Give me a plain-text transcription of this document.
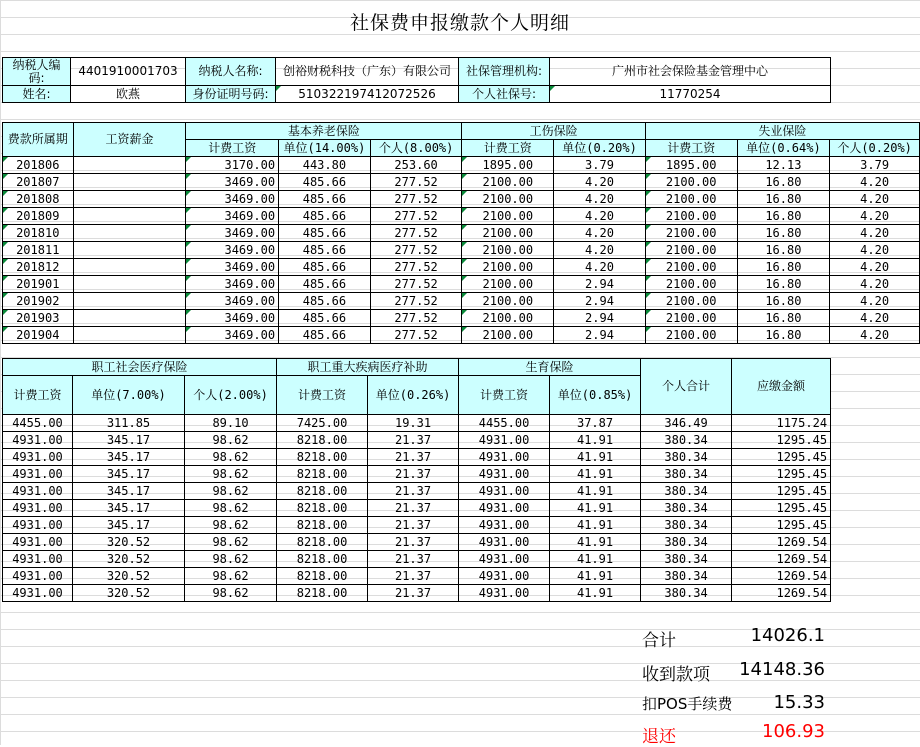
社保费申报缴款个人明细
纳税人编码:	4401910001703	纳税人名称:	创裕财税科技（广东）有限公司	社保管理机构:	广州市社会保险基金管理中心
姓名:	欧燕	身份证明号码:	510322197412072526	个人社保号:	11770254
费款所属期	工资薪金	基本养老保险			工伤保险		失业保险		
		计费工资	单位(14.00%)	个人(8.00%)	计费工资	单位(0.20%)	计费工资	单位(0.64%)	个人(0.20%)
201806		3170.00	443.80	253.60	1895.00	3.79	1895.00	12.13	3.79
201807		3469.00	485.66	277.52	2100.00	4.20	2100.00	16.80	4.20
201808		3469.00	485.66	277.52	2100.00	4.20	2100.00	16.80	4.20
201809		3469.00	485.66	277.52	2100.00	4.20	2100.00	16.80	4.20
201810		3469.00	485.66	277.52	2100.00	4.20	2100.00	16.80	4.20
201811		3469.00	485.66	277.52	2100.00	4.20	2100.00	16.80	4.20
201812		3469.00	485.66	277.52	2100.00	4.20	2100.00	16.80	4.20
201901		3469.00	485.66	277.52	2100.00	2.94	2100.00	16.80	4.20
201902		3469.00	485.66	277.52	2100.00	2.94	2100.00	16.80	4.20
201903		3469.00	485.66	277.52	2100.00	2.94	2100.00	16.80	4.20
201904		3469.00	485.66	277.52	2100.00	2.94	2100.00	16.80	4.20
职工社会医疗保险			职工重大疾病医疗补助		生育保险		个人合计	应缴金额
计费工资	单位(7.00%)	个人(2.00%)	计费工资	单位(0.26%)	计费工资	单位(0.85%)		
4455.00	311.85	89.10	7425.00	19.31	4455.00	37.87	346.49	1175.24
4931.00	345.17	98.62	8218.00	21.37	4931.00	41.91	380.34	1295.45
4931.00	345.17	98.62	8218.00	21.37	4931.00	41.91	380.34	1295.45
4931.00	345.17	98.62	8218.00	21.37	4931.00	41.91	380.34	1295.45
4931.00	345.17	98.62	8218.00	21.37	4931.00	41.91	380.34	1295.45
4931.00	345.17	98.62	8218.00	21.37	4931.00	41.91	380.34	1295.45
4931.00	345.17	98.62	8218.00	21.37	4931.00	41.91	380.34	1295.45
4931.00	320.52	98.62	8218.00	21.37	4931.00	41.91	380.34	1269.54
4931.00	320.52	98.62	8218.00	21.37	4931.00	41.91	380.34	1269.54
4931.00	320.52	98.62	8218.00	21.37	4931.00	41.91	380.34	1269.54
4931.00	320.52	98.62	8218.00	21.37	4931.00	41.91	380.34	1269.54
合计	14026.1
收到款项 14148.36
扣POS手续费 15.33
退还	106.93
